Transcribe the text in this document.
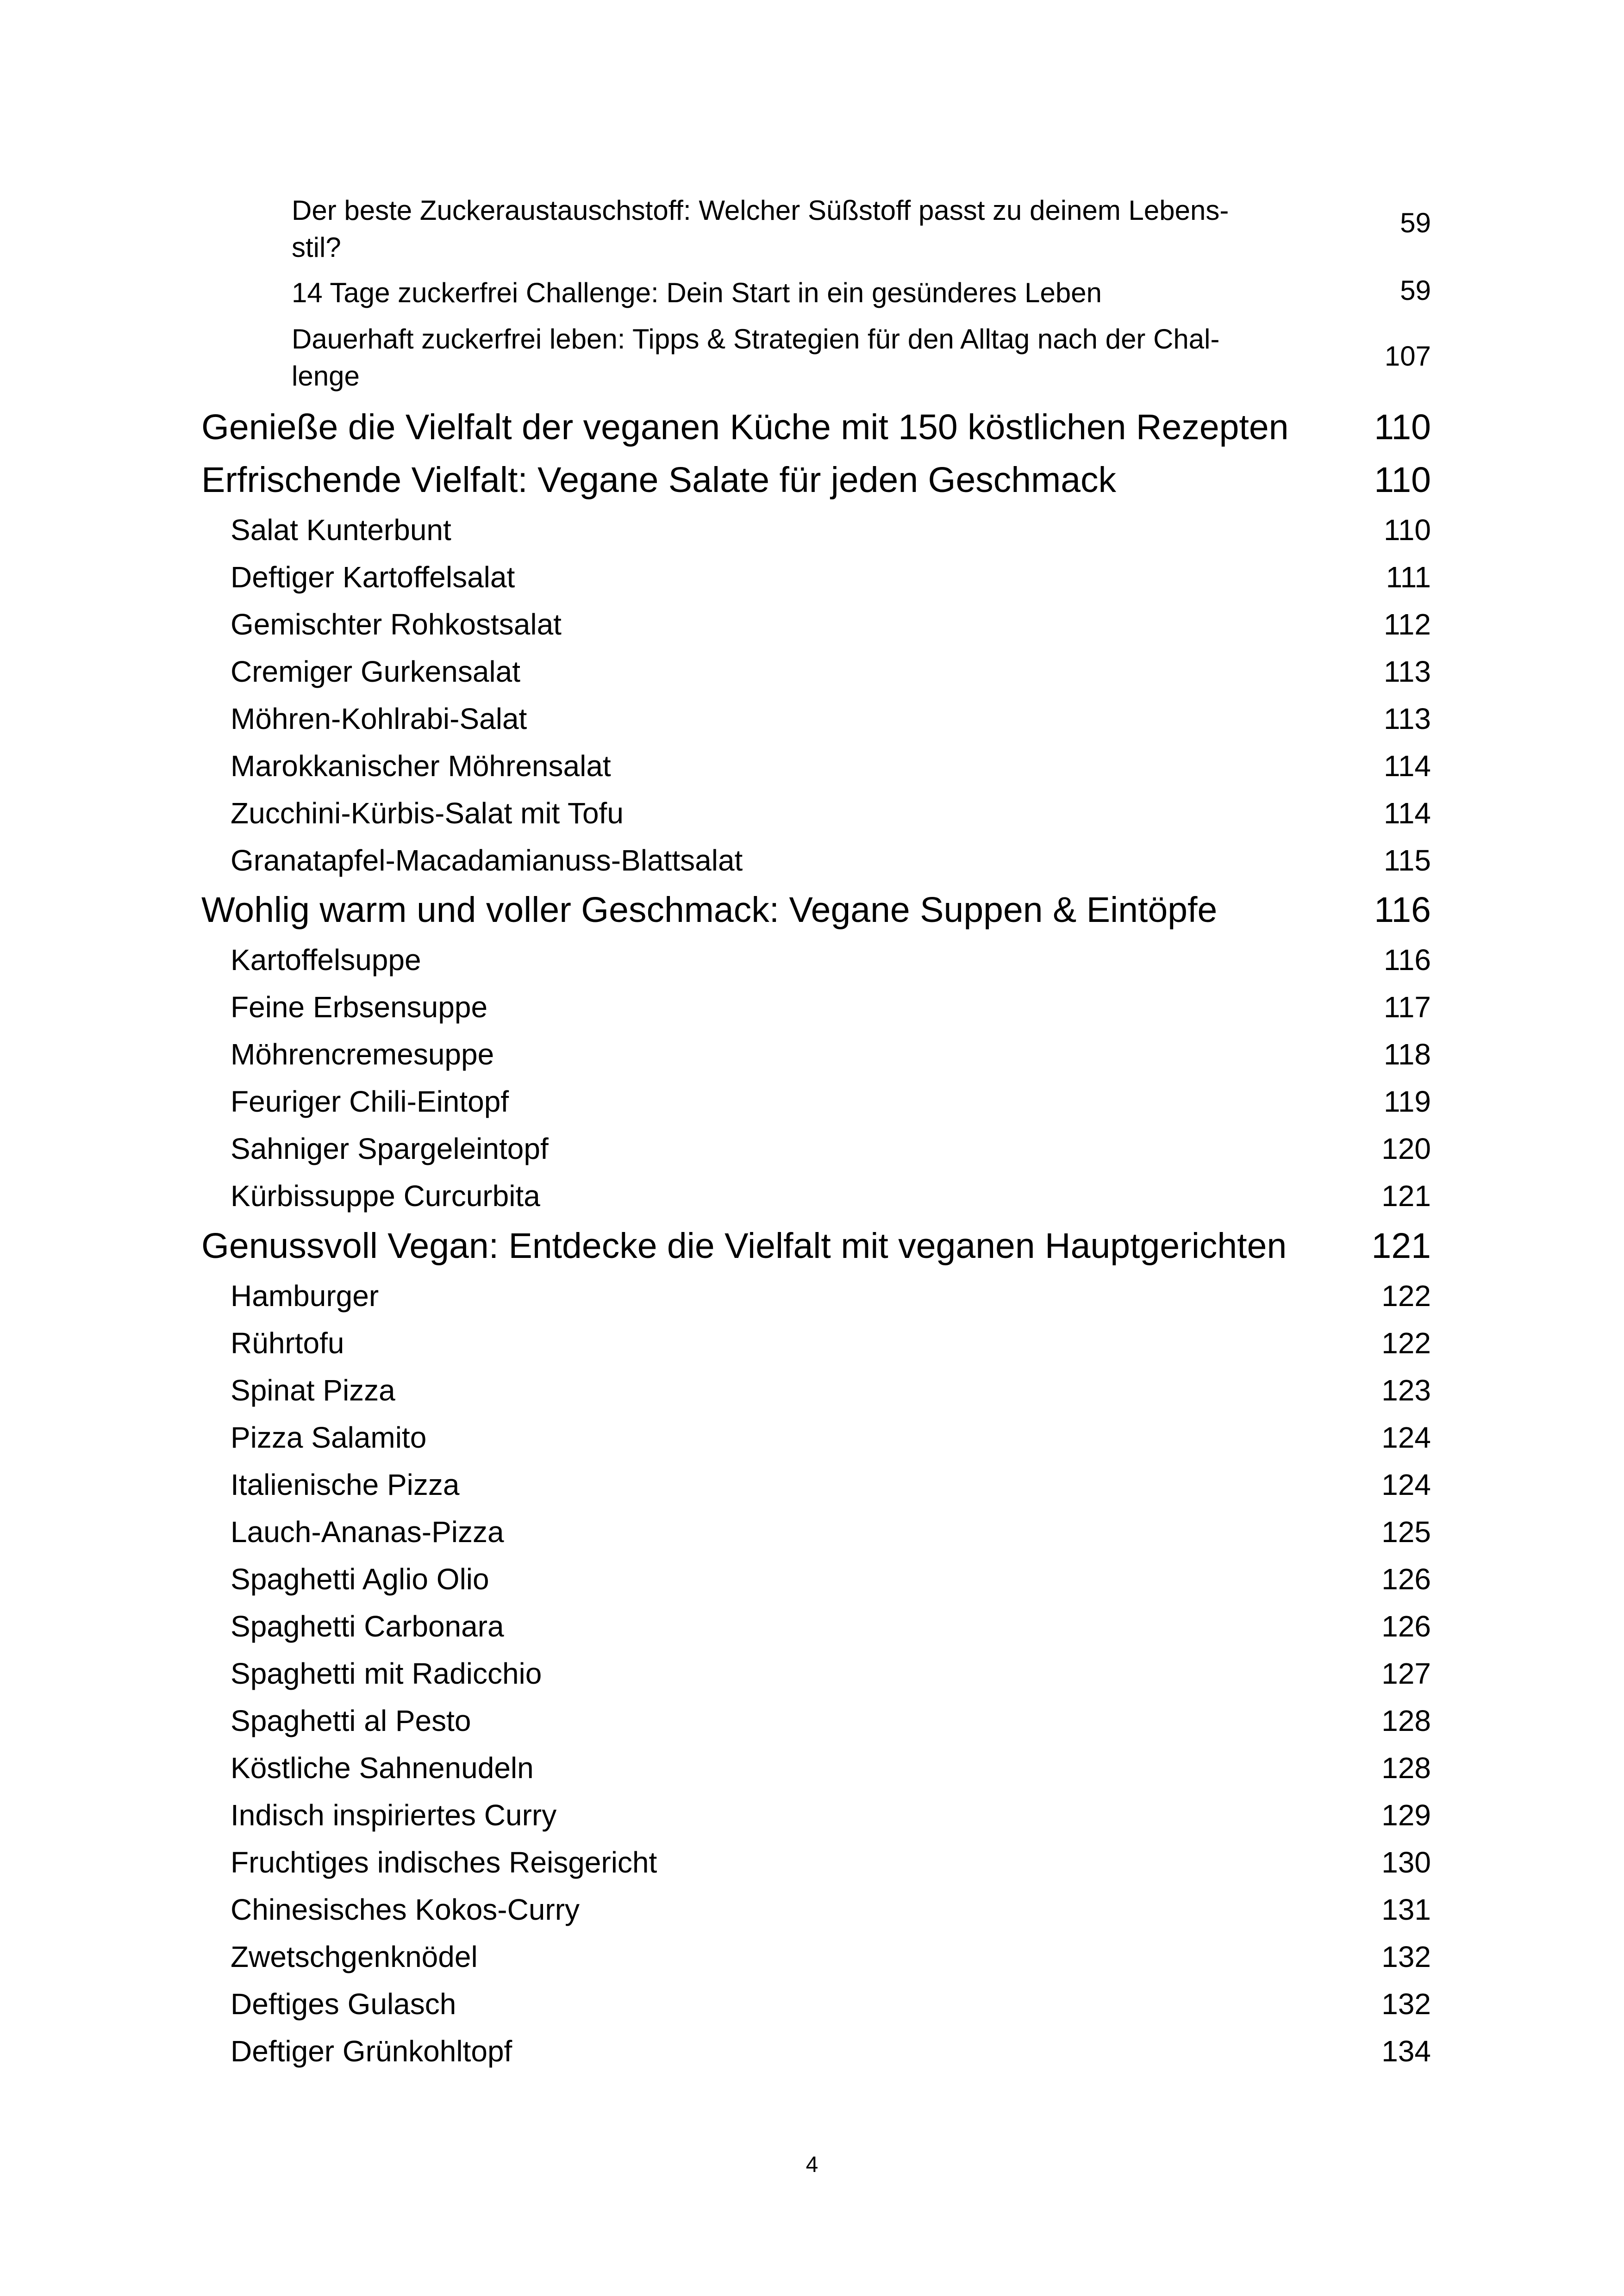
Der beste Zuckeraustauschstoff: Welcher Süßstoff passt zu deinem Lebens-
stil?
59
14 Tage zuckerfrei Challenge: Dein Start in ein gesünderes Leben	59
Dauerhaft zuckerfrei leben: Tipps & Strategien für den Alltag nach der Chal-
lenge
107
Genieße die Vielfalt der veganen Küche mit 150 köstlichen Rezepten 110
Erfrischende Vielfalt: Vegane Salate für jeden Geschmack	110
Salat Kunterbunt	110
Deftiger Kartoffelsalat	111
Gemischter Rohkostsalat	112
Cremiger Gurkensalat	113
Möhren-Kohlrabi-Salat	113
Marokkanischer Möhrensalat	114
Zucchini-Kürbis-Salat mit Tofu	114
Granatapfel-Macadamianuss-Blattsalat	115
Wohlig warm und voller Geschmack: Vegane Suppen & Eintöpfe	116
Kartoffelsuppe	116
Feine Erbsensuppe	117
Möhrencremesuppe	118
Feuriger Chili-Eintopf	119
Sahniger Spargeleintopf	120
Kürbissuppe Curcurbita	121
Genussvoll Vegan: Entdecke die Vielfalt mit veganen Hauptgerichten 121
Hamburger	122
Rührtofu	122
Spinat Pizza	123
Pizza Salamito	124
Italienische Pizza	124
Lauch-Ananas-Pizza	125
Spaghetti Aglio Olio	126
Spaghetti Carbonara	126
Spaghetti mit Radicchio	127
Spaghetti al Pesto	128
Köstliche Sahnenudeln	128
Indisch inspiriertes Curry	129
Fruchtiges indisches Reisgericht	130
Chinesisches Kokos-Curry	131
Zwetschgenknödel	132
Deftiges Gulasch	132
Deftiger Grünkohltopf	134
4
